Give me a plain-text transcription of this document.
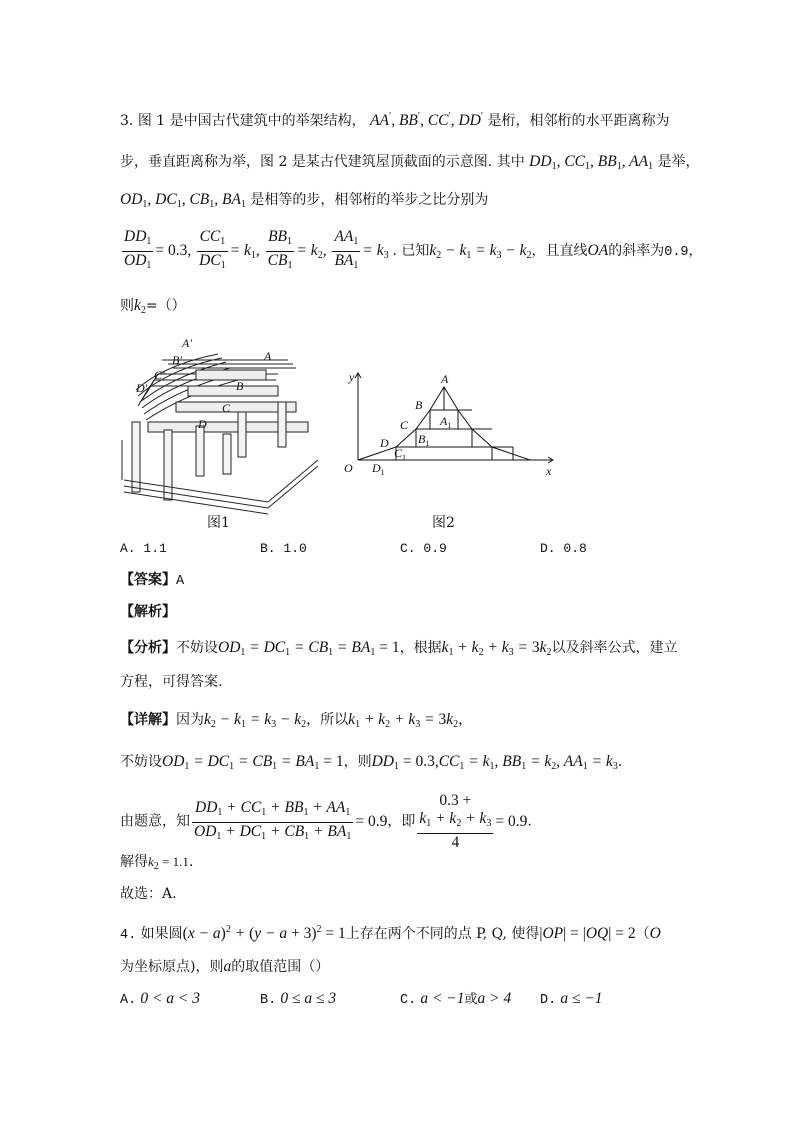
3. 图 1 是中国古代建筑中的举架结构， AA′, BB′, CC′, DD′ 是桁，相邻桁的水平距离称为
步，垂直距离称为举，图 2 是某古代建筑屋顶截面的示意图. 其中 $DD_1$, $CC_1$, $BB_1$, $AA_1$ 是举，
$OD_1$, $DC_1$, $CB_1$, $BA_1$ 是相等的步，相邻桁的举步之比分别为
$\frac{DD_1}{OD_1} = 0.3$, $\frac{CC_1}{DC_1} = k_1$, $\frac{BB_1}{CB_1} = k_2$, $\frac{AA_1}{BA_1} = k_3$ . 已知$k_2 - k_1 = k_3 - k_2$，且直线OA的斜率为0.9，
则$k_2=()$
A′
B′
C′
D′
A
B
C
D
y
x
O
A
B
C
D
$A_1$
$B_1$
$C_1$
$D_1$
图1	图2
A. 1.1	B. 1.0	C. 0.9	D. 0.8
【答案】A
【解析】
【分析】不妨设$OD_1 = DC_1 = CB_1 = BA_1 = 1$，根据$k_1 + k_2 + k_3 = 3k_2$以及斜率公式，建立
方程，可得答案.
【详解】因为$k_2 - k_1 = k_3 - k_2$，所以$k_1 + k_2 + k_3 = 3k_2$，
不妨设$OD_1 = DC_1 = CB_1 = BA_1 = 1$，则$DD_1 = 0.3,CC_1 = k_1$, $BB_1 = k_2$, $AA_1 = k_3$.
由题意，知 $\frac{DD_1 + CC_1 + BB_1 + AA_1}{OD_1 + DC_1 + CB_1 + BA_1} = 0.9$，即 0.3 +
$k_1 + k_2 + k_3$
4 = 0.9.
解得$k_2 = 1.1$.
故选：A.
4. 如果圆$(x - a)^2 + (y - a + 3)^2 = 1$上存在两个不同的点 P, Q, 使得|OP| = |OQ| = 2（O
为坐标原点)，则a的取值范围（）
A. 0 < a < 3	B. 0 ≤ a ≤ 3	C. a < −1或a > 4	D. a ≤ −1
